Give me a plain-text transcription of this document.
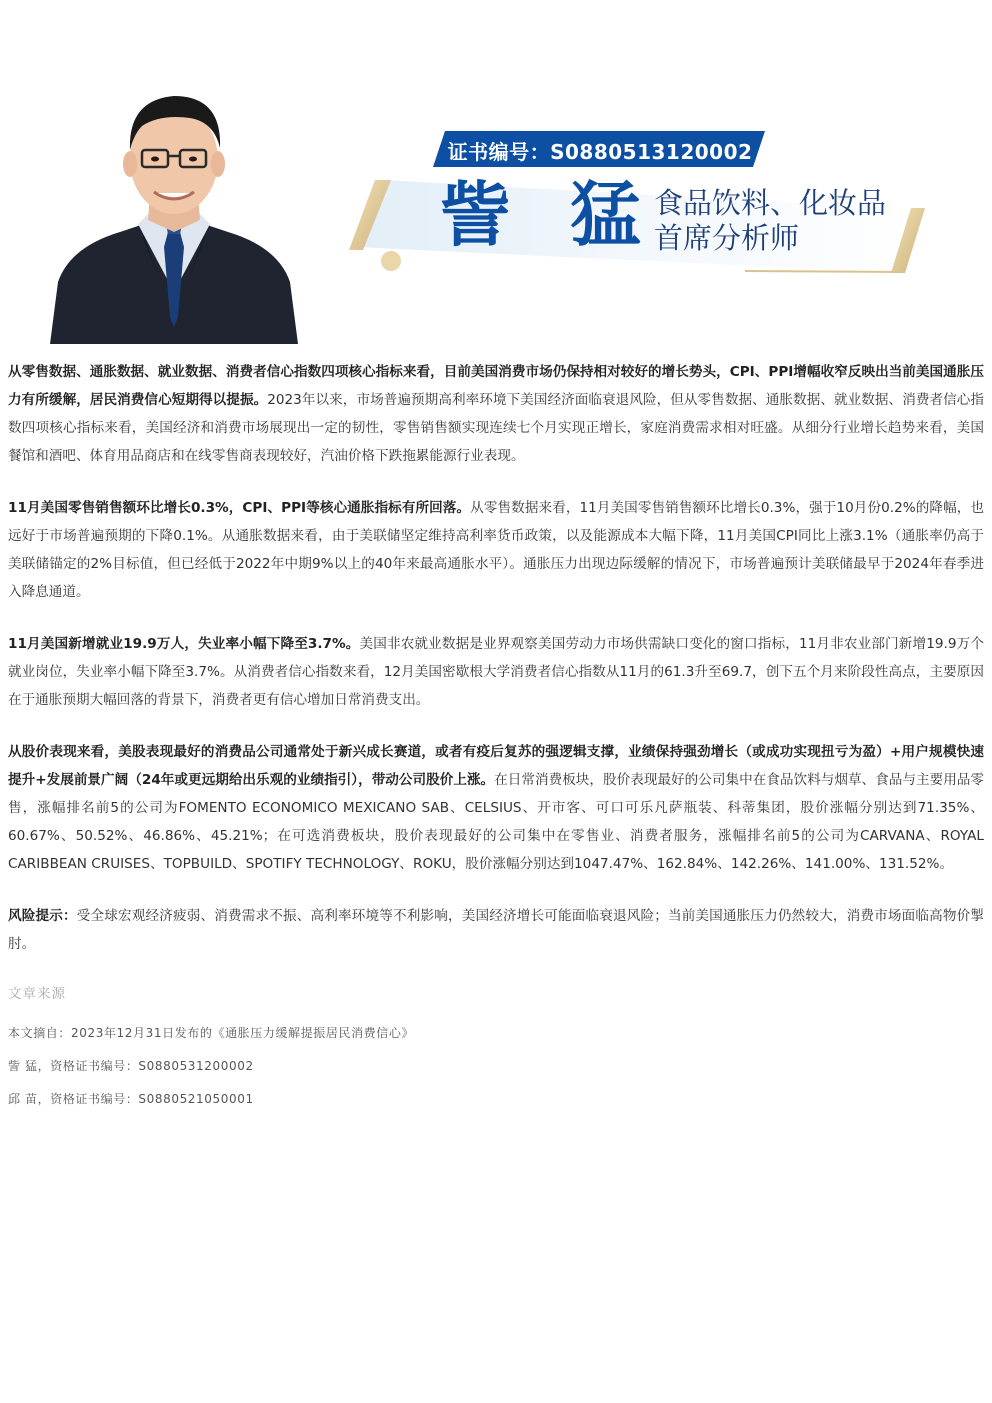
证书编号：S0880513120002
訾 猛
食品饮料、化妆品
首席分析师

从零售数据、通胀数据、就业数据、消费者信心指数四项核心指标来看，目前美国消费市场仍保持相对较好的增长势头，CPI、PPI增幅收窄反映出当前美国通胀压力有所缓解，居民消费信心短期得以提振。2023年以来，市场普遍预期高利率环境下美国经济面临衰退风险，但从零售数据、通胀数据、就业数据、消费者信心指数四项核心指标来看，美国经济和消费市场展现出一定的韧性，零售销售额实现连续七个月实现正增长，家庭消费需求相对旺盛。从细分行业增长趋势来看，美国餐馆和酒吧、体育用品商店和在线零售商表现较好，汽油价格下跌拖累能源行业表现。

11月美国零售销售额环比增长0.3%，CPI、PPI等核心通胀指标有所回落。从零售数据来看，11月美国零售销售额环比增长0.3%，强于10月份0.2%的降幅，也远好于市场普遍预期的下降0.1%。从通胀数据来看，由于美联储坚定维持高利率货币政策，以及能源成本大幅下降，11月美国CPI同比上涨3.1%（通胀率仍高于美联储锚定的2%目标值，但已经低于2022年中期9%以上的40年来最高通胀水平）。通胀压力出现边际缓解的情况下，市场普遍预计美联储最早于2024年春季进入降息通道。

11月美国新增就业19.9万人，失业率小幅下降至3.7%。美国非农就业数据是业界观察美国劳动力市场供需缺口变化的窗口指标，11月非农业部门新增19.9万个就业岗位，失业率小幅下降至3.7%。从消费者信心指数来看，12月美国密歇根大学消费者信心指数从11月的61.3升至69.7，创下五个月来阶段性高点，主要原因在于通胀预期大幅回落的背景下，消费者更有信心增加日常消费支出。

从股价表现来看，美股表现最好的消费品公司通常处于新兴成长赛道，或者有疫后复苏的强逻辑支撑，业绩保持强劲增长（或成功实现扭亏为盈）+用户规模快速提升+发展前景广阔（24年或更远期给出乐观的业绩指引），带动公司股价上涨。在日常消费板块，股价表现最好的公司集中在食品饮料与烟草、食品与主要用品零售，涨幅排名前5的公司为FOMENTO ECONOMICO MEXICANO SAB、CELSIUS、开市客、可口可乐凡萨瓶装、科蒂集团，股价涨幅分别达到71.35%、60.67%、50.52%、46.86%、45.21%；在可选消费板块，股价表现最好的公司集中在零售业、消费者服务，涨幅排名前5的公司为CARVANA、ROYAL CARIBBEAN CRUISES、TOPBUILD、SPOTIFY TECHNOLOGY、ROKU，股价涨幅分别达到1047.47%、162.84%、142.26%、141.00%、131.52%。

风险提示：受全球宏观经济疲弱、消费需求不振、高利率环境等不利影响，美国经济增长可能面临衰退风险；当前美国通胀压力仍然较大，消费市场面临高物价掣肘。

文章来源
本文摘自：2023年12月31日发布的《通胀压力缓解提振居民消费信心》
訾 猛，资格证书编号：S0880531200002
邱 苗，资格证书编号：S0880521050001
